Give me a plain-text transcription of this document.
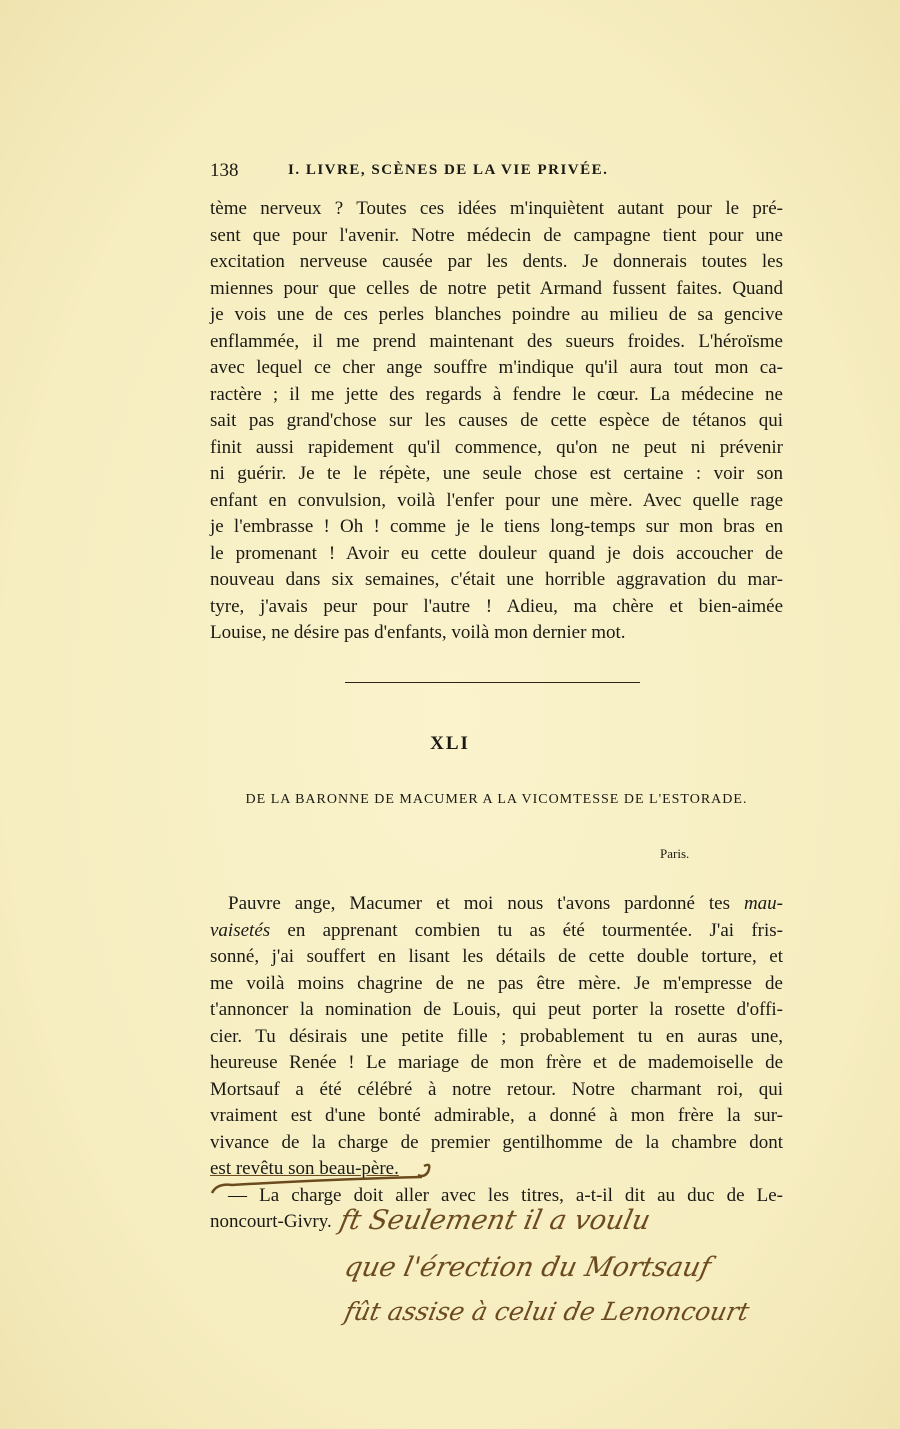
138	I. LIVRE, SCÈNES DE LA VIE PRIVÉE.
tème nerveux ? Toutes ces idées m'inquiètent autant pour le pré-
sent que pour l'avenir. Notre médecin de campagne tient pour une
excitation nerveuse causée par les dents. Je donnerais toutes les
miennes pour que celles de notre petit Armand fussent faites. Quand
je vois une de ces perles blanches poindre au milieu de sa gencive
enflammée, il me prend maintenant des sueurs froides. L'héroïsme
avec lequel ce cher ange souffre m'indique qu'il aura tout mon ca-
ractère ; il me jette des regards à fendre le cœur. La médecine ne
sait pas grand'chose sur les causes de cette espèce de tétanos qui
finit aussi rapidement qu'il commence, qu'on ne peut ni prévenir
ni guérir. Je te le répète, une seule chose est certaine : voir son
enfant en convulsion, voilà l'enfer pour une mère. Avec quelle rage
je l'embrasse ! Oh ! comme je le tiens long-temps sur mon bras en
le promenant ! Avoir eu cette douleur quand je dois accoucher de
nouveau dans six semaines, c'était une horrible aggravation du mar-
tyre, j'avais peur pour l'autre ! Adieu, ma chère et bien-aimée
Louise, ne désire pas d'enfants, voilà mon dernier mot.
XLI
DE LA BARONNE DE MACUMER A LA VICOMTESSE DE L'ESTORADE.
Paris.
Pauvre ange, Macumer et moi nous t'avons pardonné tes mau-
vaisetés en apprenant combien tu as été tourmentée. J'ai fris-
sonné, j'ai souffert en lisant les détails de cette double torture, et
me voilà moins chagrine de ne pas être mère. Je m'empresse de
t'annoncer la nomination de Louis, qui peut porter la rosette d'offi-
cier. Tu désirais une petite fille ; probablement tu en auras une,
heureuse Renée ! Le mariage de mon frère et de mademoiselle de
Mortsauf a été célébré à notre retour. Notre charmant roi, qui
vraiment est d'une bonté admirable, a donné à mon frère la sur-
vivance de la charge de premier gentilhomme de la chambre dont
est revêtu son beau-père.
— La charge doit aller avec les titres, a-t-il dit au duc de Le-
noncourt-Givry. ft Seulement il a voulu
que l'érection du Mortsauf
fût assise à celui de Lenoncourt
